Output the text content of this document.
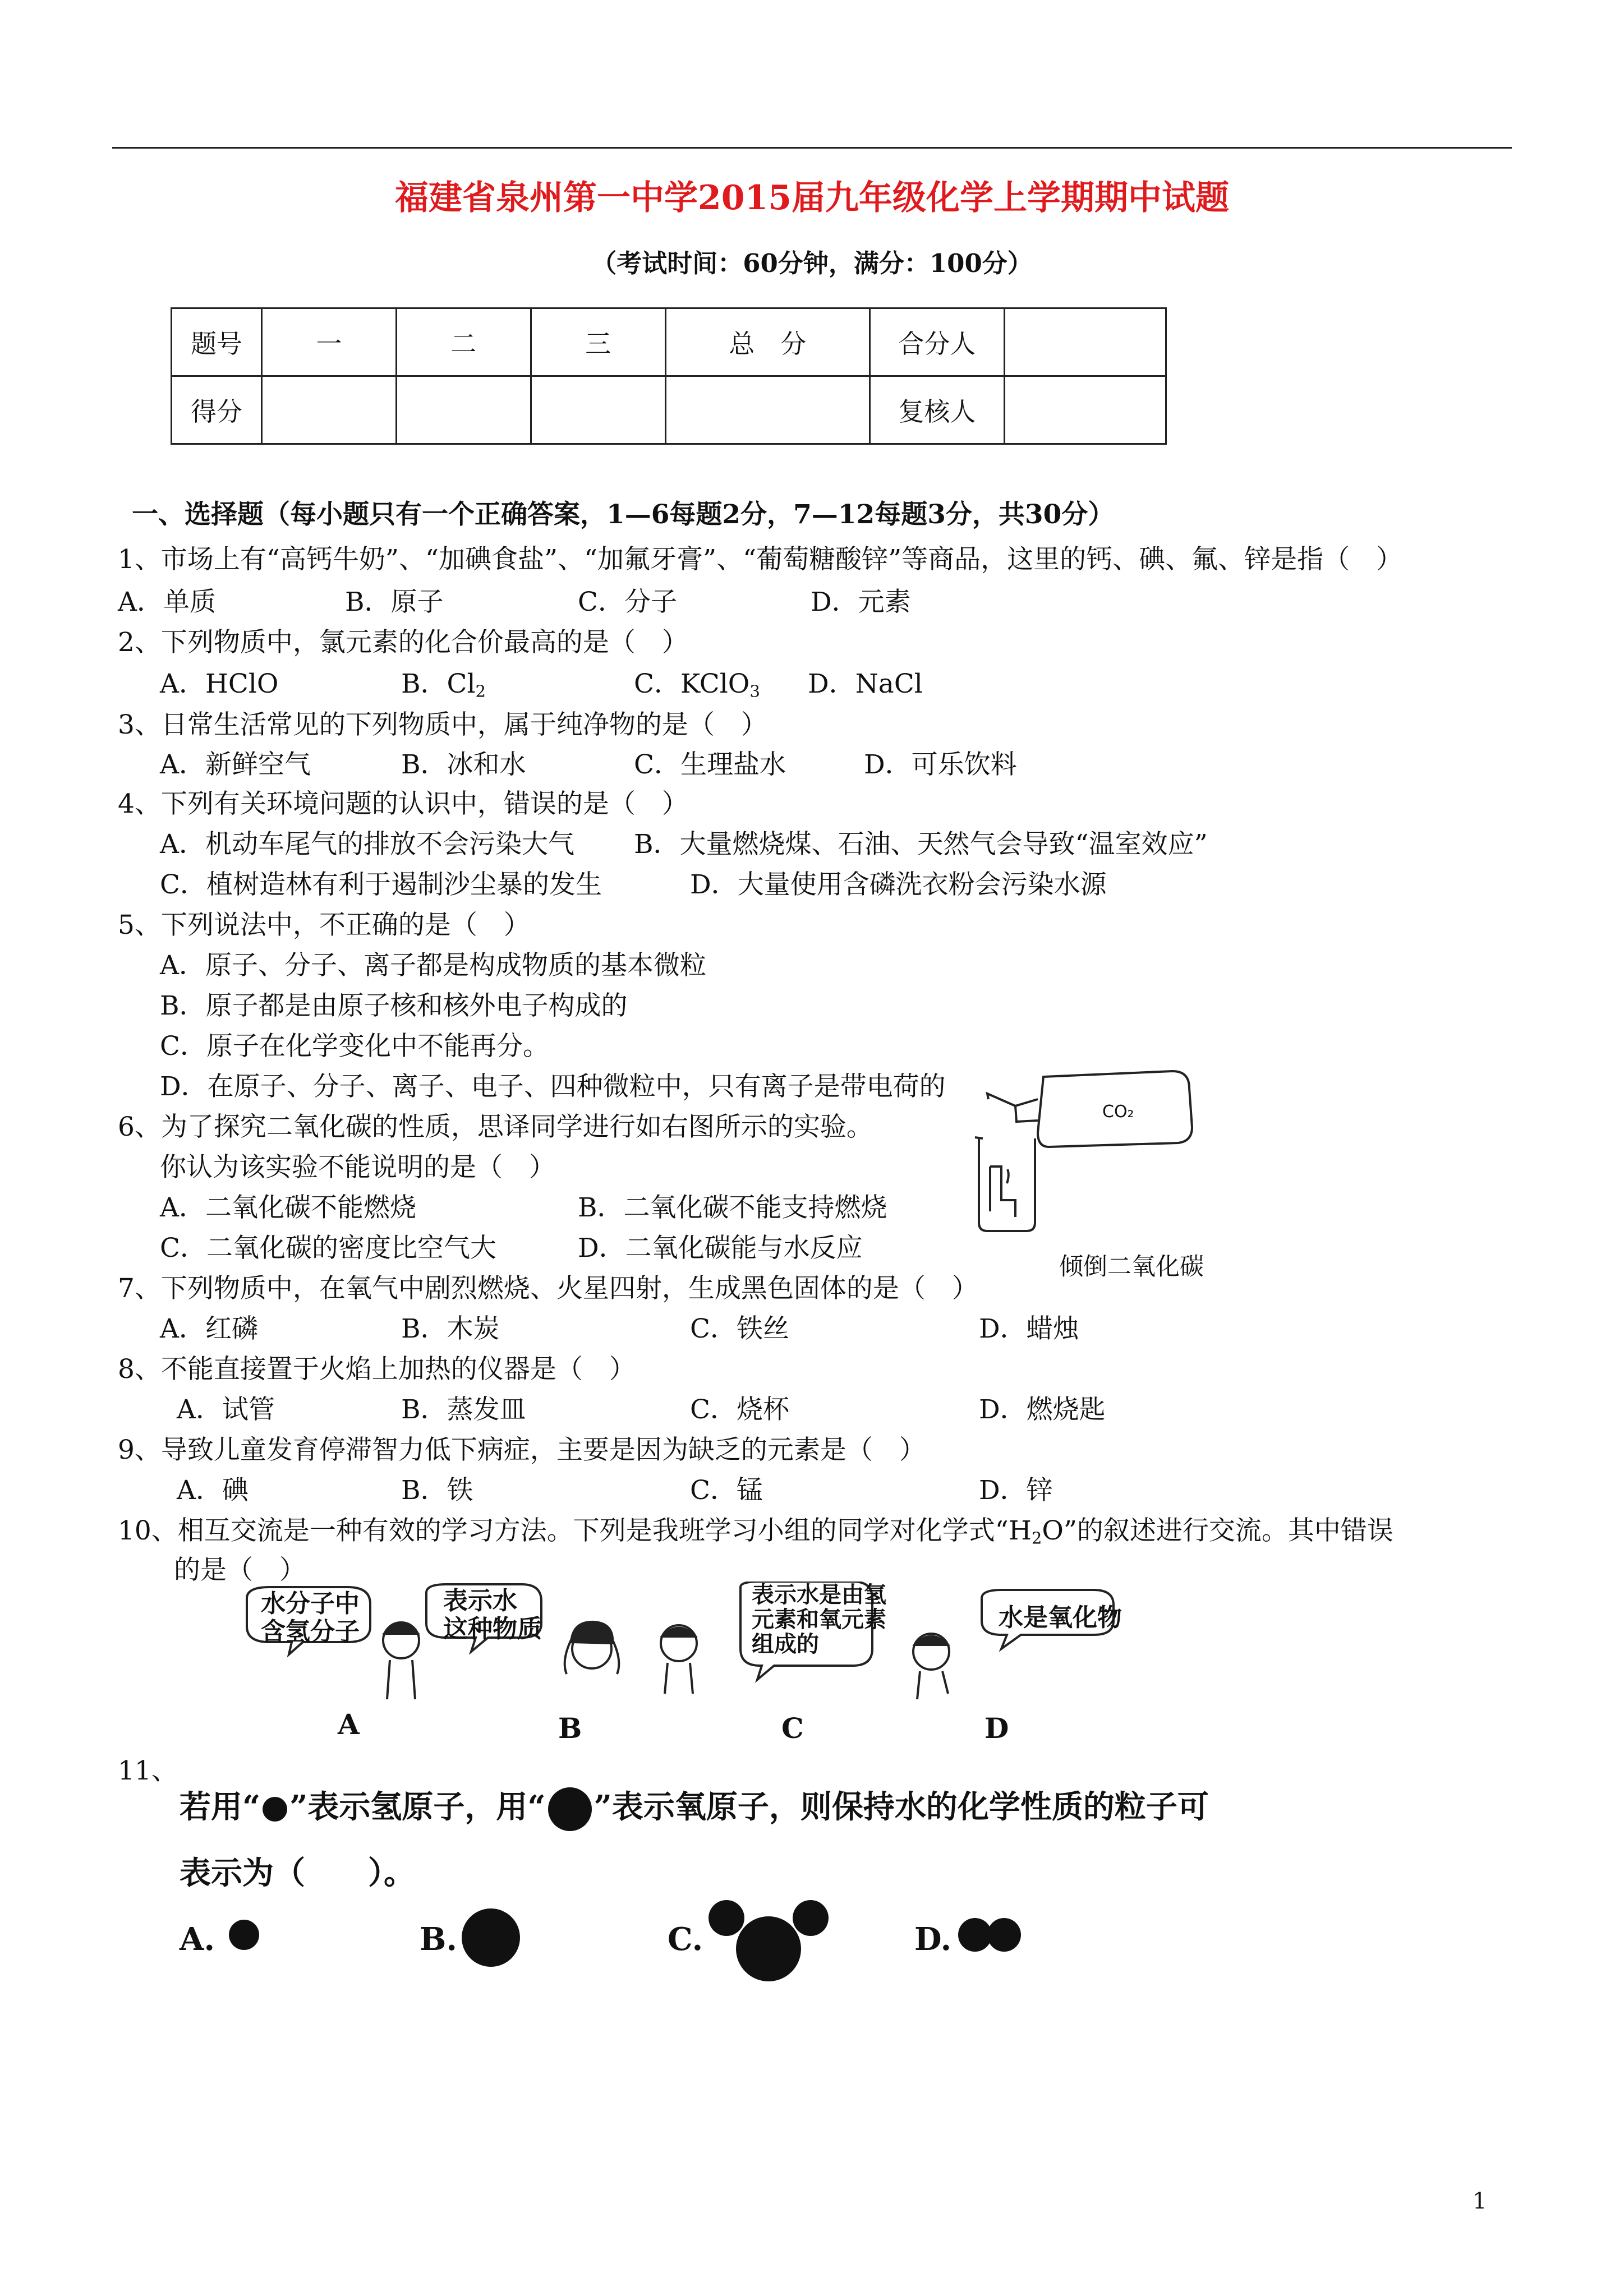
福建省泉州第一中学2015届九年级化学上学期期中试题
（考试时间：60分钟，满分：100分）
题号	一	二	三	总　分	合分人	
得分					复核人	
一、选择题（每小题只有一个正确答案，1—6每题2分，7—12每题3分，共30分）
1、市场上有“高钙牛奶”、“加碘食盐”、“加氟牙膏”、“葡萄糖酸锌”等商品，这里的钙、碘、氟、锌是指（　）
A．单质	B．原子	C．分子	D．元素
2、下列物质中，氯元素的化合价最高的是（　）
A．HClO	B．$Cl_2$	C．KClO$_3$ D．NaCl
3、日常生活常见的下列物质中，属于纯净物的是（　）
A．新鲜空气	B．冰和水	C．生理盐水	D．可乐饮料
4、下列有关环境问题的认识中，错误的是（　）
A．机动车尾气的排放不会污染大气 B．大量燃烧煤、石油、天然气会导致“温室效应”
C．植树造林有利于遏制沙尘暴的发生	D．大量使用含磷洗衣粉会污染水源
5、下列说法中，不正确的是（　）
A．原子、分子、离子都是构成物质的基本微粒
B．原子都是由原子核和核外电子构成的
C．原子在化学变化中不能再分。
D．在原子、分子、离子、电子、四种微粒中，只有离子是带电荷的
6、为了探究二氧化碳的性质，思译同学进行如右图所示的实验。
你认为该实验不能说明的是（　）
A．二氧化碳不能燃烧	B．二氧化碳不能支持燃烧
C．二氧化碳的密度比空气大	D．二氧化碳能与水反应
CO₂
倾倒二氧化碳
7、下列物质中，在氧气中剧烈燃烧、火星四射，生成黑色固体的是（　）
A．红磷	B．木炭	C．铁丝	D．蜡烛
8、不能直接置于火焰上加热的仪器是（　）
A．试管	B．蒸发皿	C．烧杯	D．燃烧匙
9、导致儿童发育停滞智力低下病症，主要是因为缺乏的元素是（　）
A．碘	B．铁	C．锰	D．锌
10、相互交流是一种有效的学习方法。下列是我班学习小组的同学对化学式“$H_2O$”的叙述进行交流。其中错误
的是（　）
水分子中
含氢分子
表示水
这种物质
表示水是由氢
元素和氧元素
组成的
水是氧化物
A	B	C	D
11、
若用“ ”表示氢原子，用“ ”表示氧原子，则保持水的化学性质的粒子可
表示为（　　）。
A.	B.	C.	D.
1
